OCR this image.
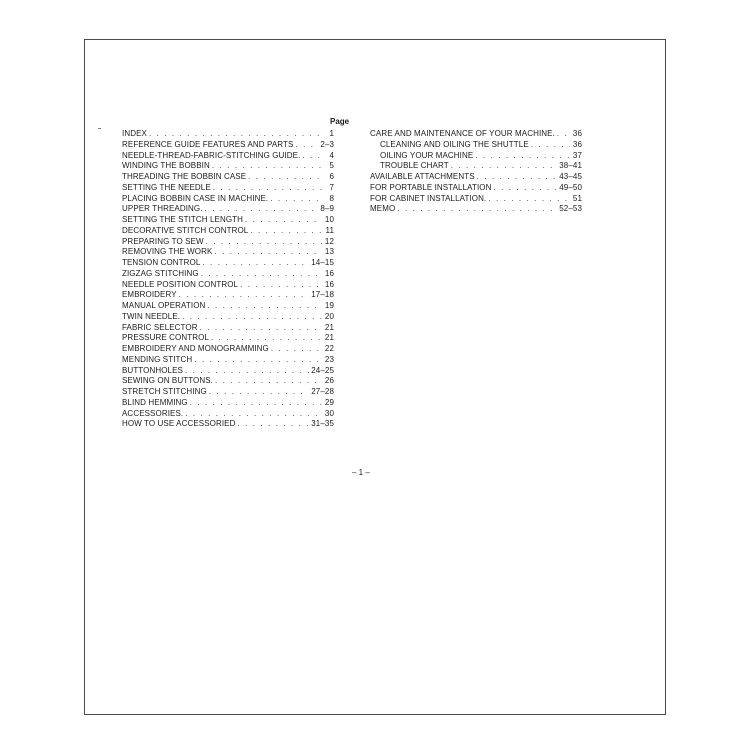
Page
INDEX . . .	1
REFERENCE GUIDE FEATURES AND PARTS . . .	2–3
NEEDLE-THREAD-FABRIC-STITCHING GUIDE. . . .	4
WINDING THE BOBBIN . . .	5
THREADING THE BOBBIN CASE . . .	6
SETTING THE NEEDLE . . .	7
PLACING BOBBIN CASE IN MACHINE. . . .	8
UPPER THREADING. . . .	8–9
SETTING THE STITCH LENGTH . . .	10
DECORATIVE STITCH CONTROL . . .	11
PREPARING TO SEW . . .	12
REMOVING THE WORK . . .	13
TENSION CONTROL . . .	14–15
ZIGZAG STITCHING . . .	16
NEEDLE POSITION CONTROL . . .	16
EMBROIDERY . . .	17–18
MANUAL OPERATION . . .	19
TWIN NEEDLE. . . .	20
FABRIC SELECTOR . . .	21
PRESSURE CONTROL . . .	21
EMBROIDERY AND MONOGRAMMING . . .	22
MENDING STITCH . . .	23
BUTTONHOLES . . .	24–25
SEWING ON BUTTONS. . . .	26
STRETCH STITCHING . . .	27–28
BLIND HEMMING . . .	29
ACCESSORIES. . . .	30
HOW TO USE ACCESSORIED . . .	31–35
CARE AND MAINTENANCE OF YOUR MACHINE. . . . 36
CLEANING AND OILING THE SHUTTLE . . .	36
OILING YOUR MACHINE . . .	37
TROUBLE CHART . . .	38–41
AVAILABLE ATTACHMENTS . . .	43–45
FOR PORTABLE INSTALLATION . . .	49–50
FOR CABINET INSTALLATION. . . .	51
MEMO . . .	52–53
– 1 –
